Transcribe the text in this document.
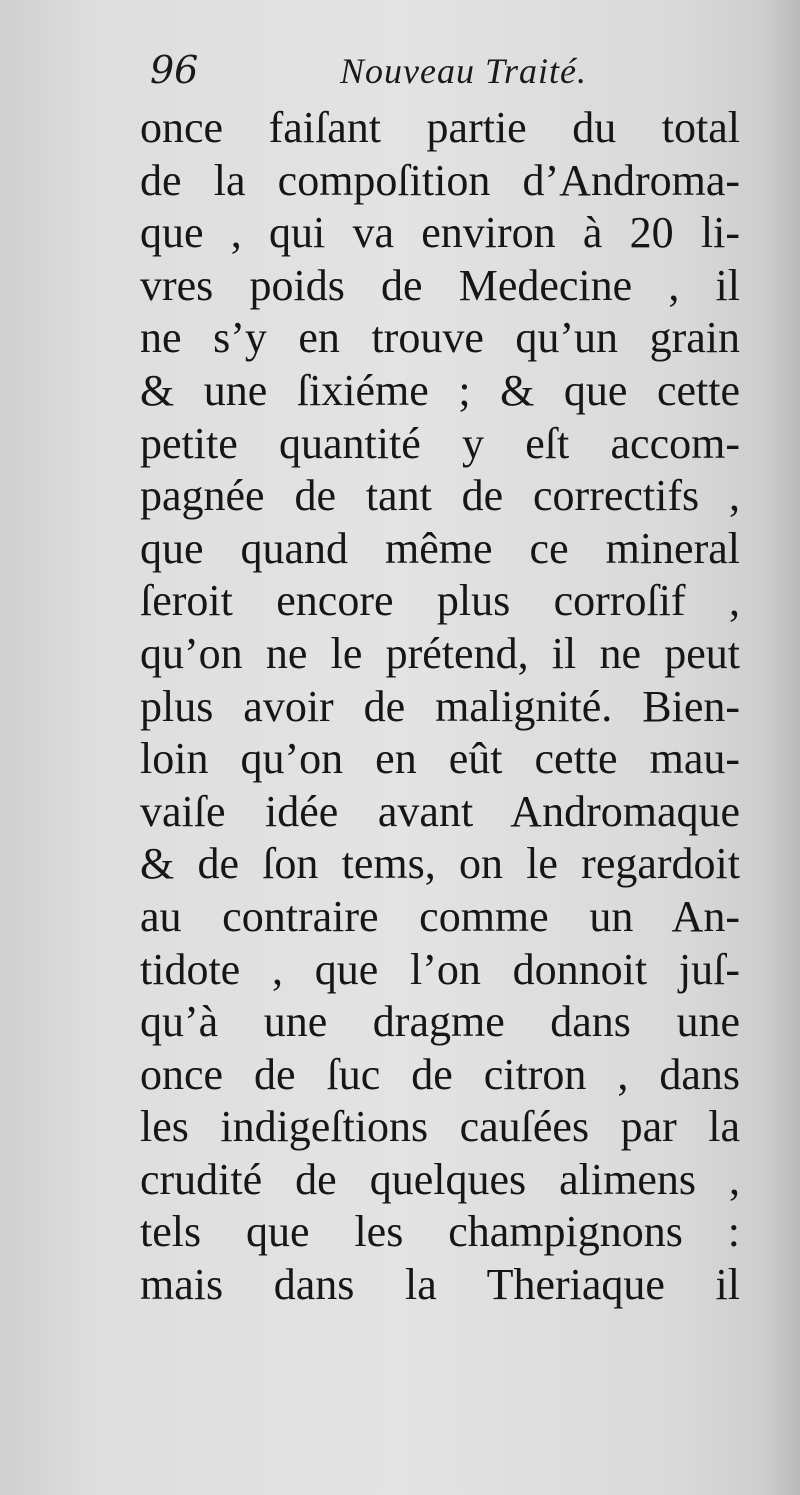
96	Nouveau Traité.
once faiſant partie du total
de la compoſition d’Androma-
que , qui va environ à 20 li-
vres poids de Medecine , il
ne s’y en trouve qu’un grain
& une ſixiéme ; & que cette
petite quantité y eſt accom-
pagnée de tant de correctifs ,
que quand même ce mineral
ſeroit encore plus corroſif ,
qu’on ne le prétend, il ne peut
plus avoir de malignité. Bien-
loin qu’on en eût cette mau-
vaiſe idée avant Andromaque
& de ſon tems, on le regardoit
au contraire comme un An-
tidote , que l’on donnoit juſ-
qu’à une dragme dans une
once de ſuc de citron , dans
les indigeſtions cauſées par la
crudité de quelques alimens ,
tels que les champignons :
mais dans la Theriaque il
